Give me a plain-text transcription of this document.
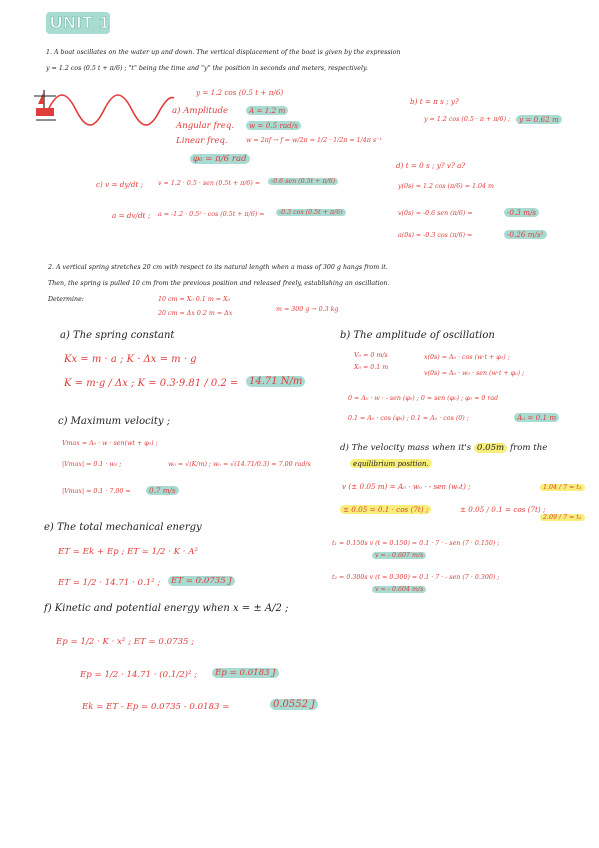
UNIT 1
1. A boat oscillates on the water up and down. The vertical displacement of the boat is given by the expression
y = 1.2 cos (0.5 t + π/6) ; "t" being the time and "y" the position in seconds and meters, respectively.
y = 1.2 cos (0.5 t + π/6)
a) Amplitude	A = 1.2 m
Angular freq.	w = 0.5 rad/s
Linear freq.	w = 2πf → f = w/2π = 1/2 · 1/2π = 1/4π s⁻¹
φ₀ = π/6 rad
b) t = π s ; y?
y = 1.2 cos (0.5 · π + π/6) ;	y = 0.62 m
c) v = dy/dt ; v = 1.2 · 0.5 · sen (0.5t + π/6) =	-0.6 sen (0.5t + π/6)
a = dv/dt ; a = -1.2 · 0.5² · cos (0.5t + π/6) =	-0.3 cos (0.5t + π/6)
d) t = 0 s ; y? v? a?
y(0s) = 1.2 cos (π/6) = 1.04 m
v(0s) = -0.6 sen (π/6) =	-0.3 m/s
a(0s) = -0.3 cos (π/6) =	-0.26 m/s²
2. A vertical spring stretches 20 cm with respect to its natural length when a mass of 300 g hangs from it.
Then, the spring is pulled 10 cm from the previous position and released freely, establishing an oscillation.
Determine:	10 cm = X₀ 0.1 m = X₀
20 cm = Δx 0.2 m = Δx
m = 300 g → 0.3 kg
a) The spring constant
Kx = m · a ; K · Δx = m · g
K = m·g / Δx ; K = 0.3·9.81 / 0.2 =	14.71 N/m
b) The amplitude of oscillation
V₀ = 0 m/s
X₀ = 0.1 m
x(0s) = A₀ · cos (w·t + φ₀) ;
v(0s) = A₀ · w₀ · sen (w·t + φ₀) ;
0 = A₀ · w · - sen (φ₀) ; 0 = sen (φ₀) ; φ₀ = 0 rad
0.1 = A₀ · cos (φ₀) ; 0.1 = A₀ · cos (0) ;	A₀ = 0.1 m
c) Maximum velocity ;
Vmax = A₀ · w · sen(wt + φ₀) ;
|Vmax| = 0.1 · w₀ ;	w₀ = √(K/m) ; w₀ = √(14.71/0.3) = 7.00 rad/s
|Vmax| = 0.1 · 7.00 =	0.7 m/s
d) The velocity mass when it's 0.05m from the
equilibrium position.
v (± 0.05 m) = A₀ · w₀ · - sen (w₀t) ;
± 0.05 = 0.1 · cos (7t) ;	± 0.05 / 0.1 = cos (7t) ;
1.04 / 7 = t₁
2.09 / 7 = t₂
t₁ = 0.150s v (t = 0.150) = 0.1 · 7 · - sen (7 · 0.150) ;
v = - 0.607 m/s
t₂ = 0.300s v (t = 0.300) = 0.1 · 7 · - sen (7 · 0.300) ;
v = - 0.604 m/s
e) The total mechanical energy
ET = Ek + Ep ; ET = 1/2 · K · A²
ET = 1/2 · 14.71 · 0.1² ;	ET = 0.0735 J
f) Kinetic and potential energy when x = ± A/2 ;
Ep = 1/2 · K · x² ; ET = 0.0735 ;
Ep = 1/2 · 14.71 · (0.1/2)² ;	Ep = 0.0183 J
Ek = ET - Ep = 0.0735 - 0.0183 =	0.0552 J
